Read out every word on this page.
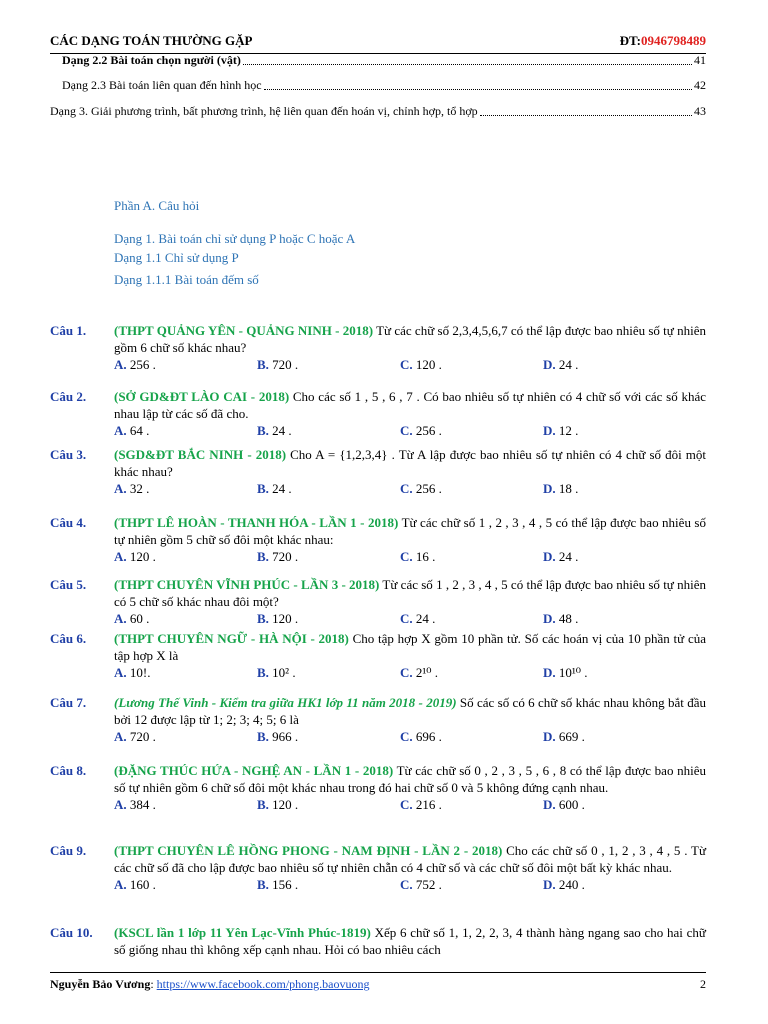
CÁC DẠNG TOÁN THƯỜNG GẶP	ĐT:0946798489
Dạng 2.2 Bài toán chọn người (vật)	41
Dạng 2.3 Bài toán liên quan đến hình học	42
Dạng 3. Giải phương trình, bất phương trình, hệ liên quan đến hoán vị, chỉnh hợp, tổ hợp	43
Phần A. Câu hỏi
Dạng 1. Bài toán chỉ sử dụng P hoặc C hoặc A
Dạng 1.1 Chỉ sử dụng P
Dạng 1.1.1 Bài toán đếm số
Câu 1. (THPT QUẢNG YÊN - QUẢNG NINH - 2018) Từ các chữ số 2,3,4,5,6,7 có thể lập được bao nhiêu số tự nhiên gồm 6 chữ số khác nhau?
A. 256 .	B. 720 .	C. 120 .	D. 24 .
Câu 2. (SỞ GD&ĐT LÀO CAI - 2018) Cho các số 1 , 5 , 6 , 7 . Có bao nhiêu số tự nhiên có 4 chữ số với các số khác nhau lập từ các số đã cho.
A. 64 .	B. 24 .	C. 256 .	D. 12 .
Câu 3. (SGD&ĐT BẮC NINH - 2018) Cho A = {1,2,3,4} . Từ A lập được bao nhiêu số tự nhiên có 4 chữ số đôi một khác nhau?
A. 32 .	B. 24 .	C. 256 .	D. 18 .
Câu 4. (THPT LÊ HOÀN - THANH HÓA - LẦN 1 - 2018) Từ các chữ số 1 , 2 , 3 , 4 , 5 có thể lập được bao nhiêu số tự nhiên gồm 5 chữ số đôi một khác nhau:
A. 120 .	B. 720 .	C. 16 .	D. 24 .
Câu 5. (THPT CHUYÊN VĨNH PHÚC - LẦN 3 - 2018) Từ các số 1 , 2 , 3 , 4 , 5 có thể lập được bao nhiêu số tự nhiên có 5 chữ số khác nhau đôi một?
A. 60 .	B. 120 .	C. 24 .	D. 48 .
Câu 6. (THPT CHUYÊN NGỮ - HÀ NỘI - 2018) Cho tập hợp X gồm 10 phần tử. Số các hoán vị của 10 phần tử của tập hợp X là
A. 10!.	B. 10² .	C. 2¹⁰ .	D. 10¹⁰ .
Câu 7. (Lương Thế Vinh - Kiểm tra giữa HK1 lớp 11 năm 2018 - 2019) Số các số có 6 chữ số khác nhau không bắt đầu bởi 12 được lập từ 1; 2; 3; 4; 5; 6 là
A. 720 .	B. 966 .	C. 696 .	D. 669 .
Câu 8. (ĐẶNG THÚC HỨA - NGHỆ AN - LẦN 1 - 2018) Từ các chữ số 0 , 2 , 3 , 5 , 6 , 8 có thể lập được bao nhiêu số tự nhiên gồm 6 chữ số đôi một khác nhau trong đó hai chữ số 0 và 5 không đứng cạnh nhau.
A. 384 .	B. 120 .	C. 216 .	D. 600 .
Câu 9. (THPT CHUYÊN LÊ HỒNG PHONG - NAM ĐỊNH - LẦN 2 - 2018) Cho các chữ số 0 , 1, 2 , 3 , 4 , 5 . Từ các chữ số đã cho lập được bao nhiêu số tự nhiên chẵn có 4 chữ số và các chữ số đôi một bất kỳ khác nhau.
A. 160 .	B. 156 .	C. 752 .	D. 240 .
Câu 10. (KSCL lần 1 lớp 11 Yên Lạc-Vĩnh Phúc-1819) Xếp 6 chữ số 1, 1, 2, 2, 3, 4 thành hàng ngang sao cho hai chữ số giống nhau thì không xếp cạnh nhau. Hỏi có bao nhiêu cách
Nguyễn Bảo Vương: https://www.facebook.com/phong.baovuong	2
